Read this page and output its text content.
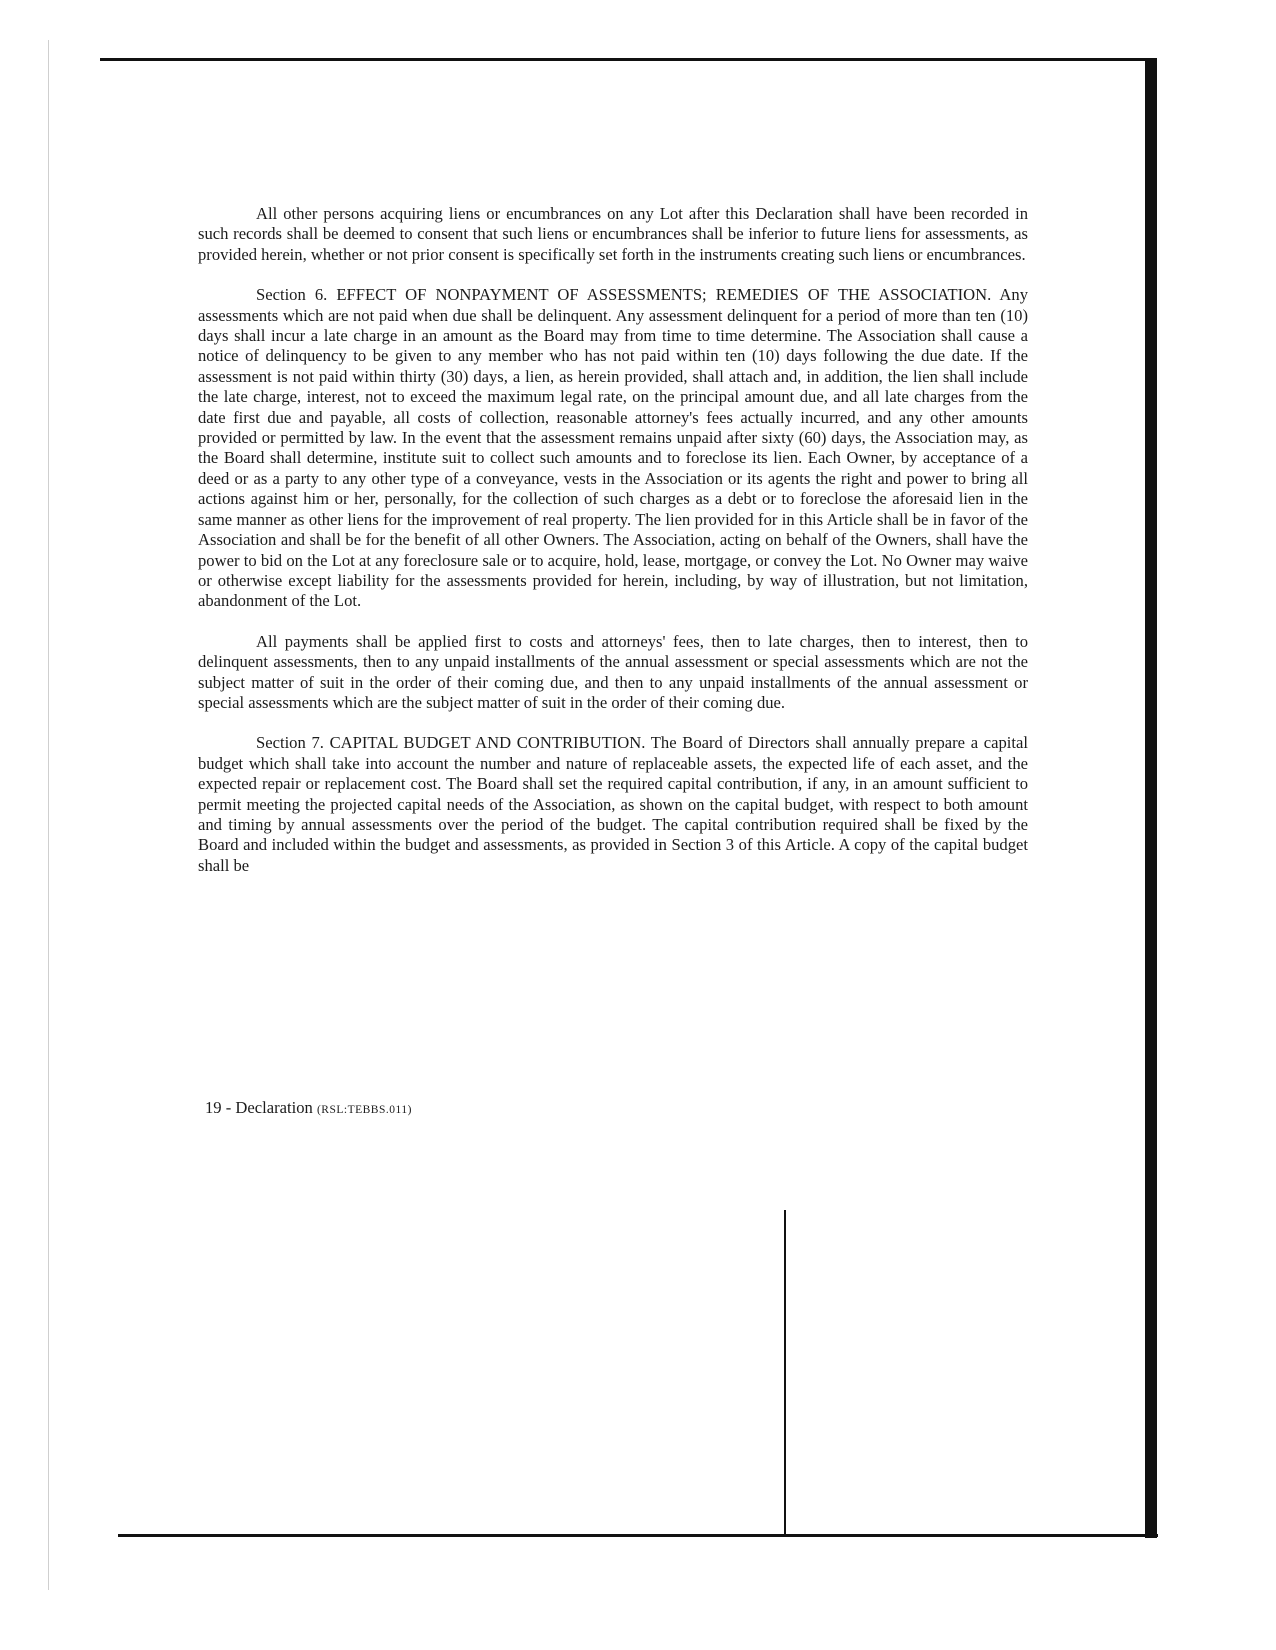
All other persons acquiring liens or encumbrances on any Lot after this Declaration shall have been recorded in such records shall be deemed to consent that such liens or encumbrances shall be inferior to future liens for assessments, as provided herein, whether or not prior consent is specifically set forth in the instruments creating such liens or encumbrances.

Section 6. EFFECT OF NONPAYMENT OF ASSESSMENTS; REMEDIES OF THE ASSOCIATION. Any assessments which are not paid when due shall be delinquent. Any assessment delinquent for a period of more than ten (10) days shall incur a late charge in an amount as the Board may from time to time determine. The Association shall cause a notice of delinquency to be given to any member who has not paid within ten (10) days following the due date. If the assessment is not paid within thirty (30) days, a lien, as herein provided, shall attach and, in addition, the lien shall include the late charge, interest, not to exceed the maximum legal rate, on the principal amount due, and all late charges from the date first due and payable, all costs of collection, reasonable attorney's fees actually incurred, and any other amounts provided or permitted by law. In the event that the assessment remains unpaid after sixty (60) days, the Association may, as the Board shall determine, institute suit to collect such amounts and to foreclose its lien. Each Owner, by acceptance of a deed or as a party to any other type of a conveyance, vests in the Association or its agents the right and power to bring all actions against him or her, personally, for the collection of such charges as a debt or to foreclose the aforesaid lien in the same manner as other liens for the improvement of real property. The lien provided for in this Article shall be in favor of the Association and shall be for the benefit of all other Owners. The Association, acting on behalf of the Owners, shall have the power to bid on the Lot at any foreclosure sale or to acquire, hold, lease, mortgage, or convey the Lot. No Owner may waive or otherwise except liability for the assessments provided for herein, including, by way of illustration, but not limitation, abandonment of the Lot.

All payments shall be applied first to costs and attorneys' fees, then to late charges, then to interest, then to delinquent assessments, then to any unpaid installments of the annual assessment or special assessments which are not the subject matter of suit in the order of their coming due, and then to any unpaid installments of the annual assessment or special assessments which are the subject matter of suit in the order of their coming due.

Section 7. CAPITAL BUDGET AND CONTRIBUTION. The Board of Directors shall annually prepare a capital budget which shall take into account the number and nature of replaceable assets, the expected life of each asset, and the expected repair or replacement cost. The Board shall set the required capital contribution, if any, in an amount sufficient to permit meeting the projected capital needs of the Association, as shown on the capital budget, with respect to both amount and timing by annual assessments over the period of the budget. The capital contribution required shall be fixed by the Board and included within the budget and assessments, as provided in Section 3 of this Article. A copy of the capital budget shall be

19 - Declaration (RSL:TEBBS.011)
